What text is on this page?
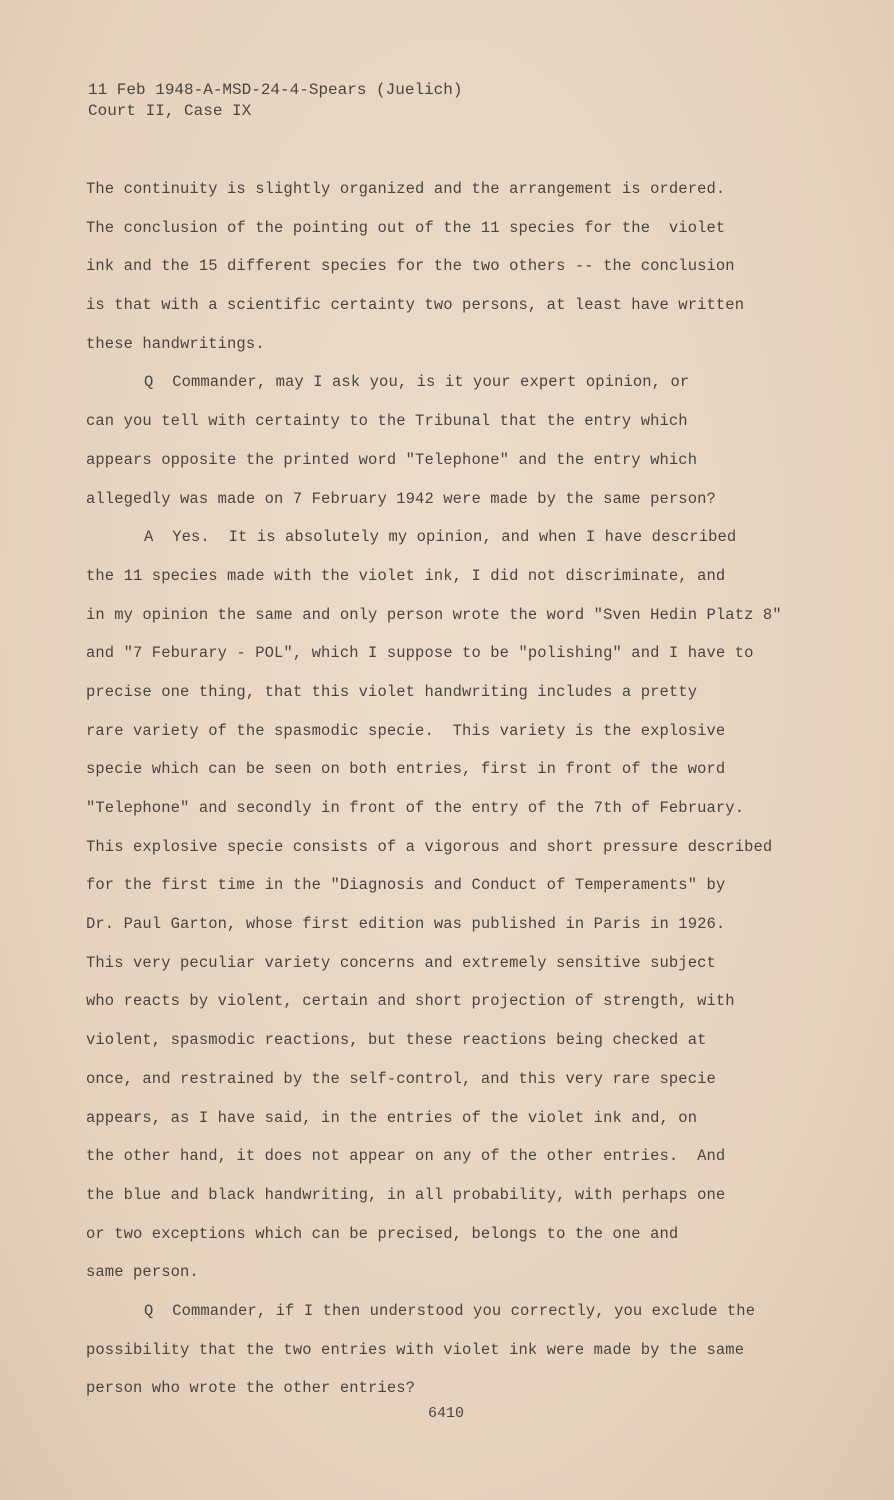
11 Feb 1948-A-MSD-24-4-Spears (Juelich)
Court II, Case IX
The continuity is slightly organized and the arrangement is ordered.
The conclusion of the pointing out of the 11 species for the  violet
ink and the 15 different species for the two others -- the conclusion
is that with a scientific certainty two persons, at least have written
these handwritings.
Q  Commander, may I ask you, is it your expert opinion, or
can you tell with certainty to the Tribunal that the entry which
appears opposite the printed word "Telephone" and the entry which
allegedly was made on 7 February 1942 were made by the same person?
A  Yes.  It is absolutely my opinion, and when I have described
the 11 species made with the violet ink, I did not discriminate, and
in my opinion the same and only person wrote the word "Sven Hedin Platz 8"
and "7 Feburary - POL", which I suppose to be "polishing" and I have to
precise one thing, that this violet handwriting includes a pretty
rare variety of the spasmodic specie.  This variety is the explosive
specie which can be seen on both entries, first in front of the word
"Telephone" and secondly in front of the entry of the 7th of February.
This explosive specie consists of a vigorous and short pressure described
for the first time in the "Diagnosis and Conduct of Temperaments" by
Dr. Paul Garton, whose first edition was published in Paris in 1926.
This very peculiar variety concerns and extremely sensitive subject
who reacts by violent, certain and short projection of strength, with
violent, spasmodic reactions, but these reactions being checked at
once, and restrained by the self-control, and this very rare specie
appears, as I have said, in the entries of the violet ink and, on
the other hand, it does not appear on any of the other entries.  And
the blue and black handwriting, in all probability, with perhaps one
or two exceptions which can be precised, belongs to the one and
same person.
Q  Commander, if I then understood you correctly, you exclude the
possibility that the two entries with violet ink were made by the same
person who wrote the other entries?
6410
